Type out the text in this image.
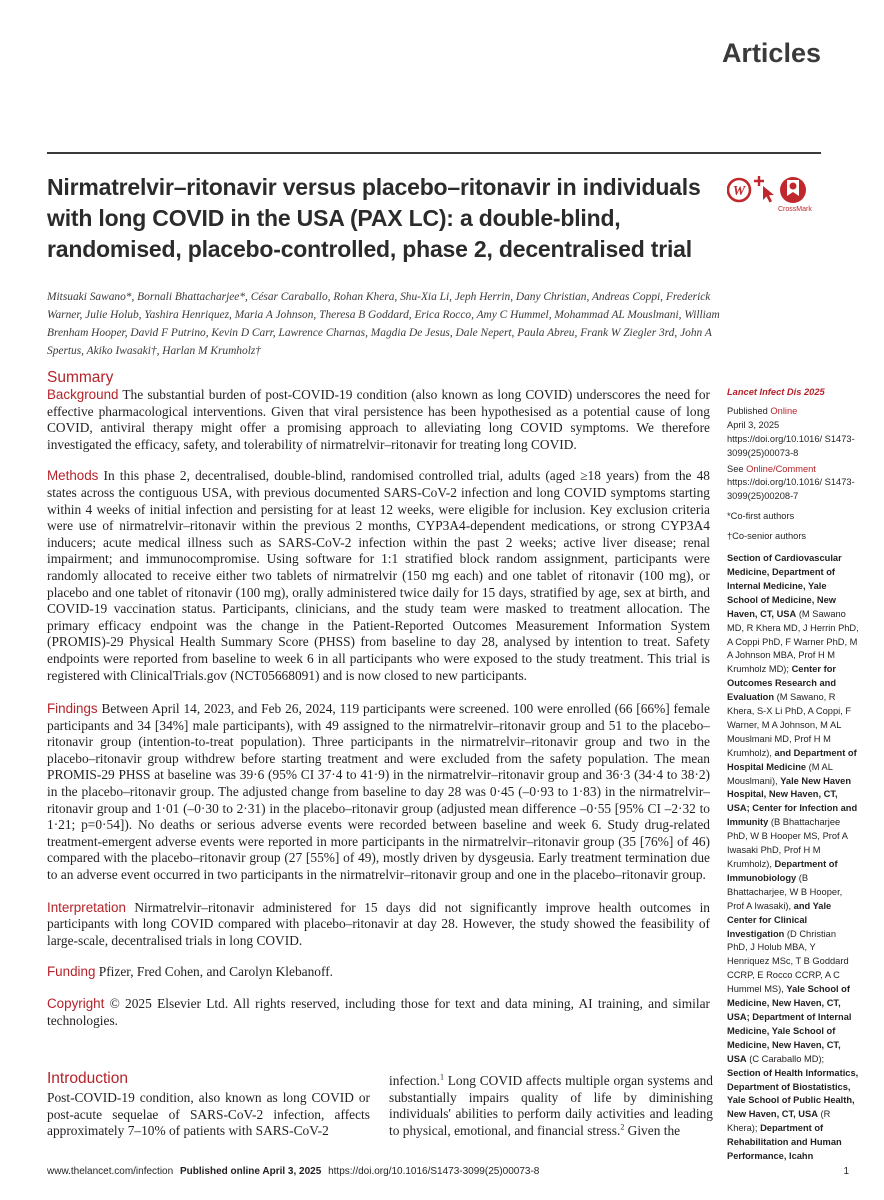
Articles
Nirmatrelvir–ritonavir versus placebo–ritonavir in individuals with long COVID in the USA (PAX LC): a double-blind, randomised, placebo-controlled, phase 2, decentralised trial
W
CrossMark
Mitsuaki Sawano*, Bornali Bhattacharjee*, César Caraballo, Rohan Khera, Shu-Xia Li, Jeph Herrin, Dany Christian, Andreas Coppi, Frederick Warner, Julie Holub, Yashira Henriquez, Maria A Johnson, Theresa B Goddard, Erica Rocco, Amy C Hummel, Mohammad AL Mouslmani, William Brenham Hooper, David F Putrino, Kevin D Carr, Lawrence Charnas, Magdia De Jesus, Dale Nepert, Paula Abreu, Frank W Ziegler 3rd, John A Spertus, Akiko Iwasaki†, Harlan M Krumholz†
Summary

Background The substantial burden of post-COVID-19 condition (also known as long COVID) underscores the need for effective pharmacological interventions. Given that viral persistence has been hypothesised as a potential cause of long COVID, antiviral therapy might offer a promising approach to alleviating long COVID symptoms. We therefore investigated the efficacy, safety, and tolerability of nirmatrelvir–ritonavir for treating long COVID.

Methods In this phase 2, decentralised, double-blind, randomised controlled trial, adults (aged ≥18 years) from the 48 states across the contiguous USA, with previous documented SARS-CoV-2 infection and long COVID symptoms starting within 4 weeks of initial infection and persisting for at least 12 weeks, were eligible for inclusion. Key exclusion criteria were use of nirmatrelvir–ritonavir within the previous 2 months, CYP3A4-dependent medications, or strong CYP3A4 inducers; acute medical illness such as SARS-CoV-2 infection within the past 2 weeks; active liver disease; renal impairment; and immunocompromise. Using software for 1:1 stratified block random assignment, participants were randomly allocated to receive either two tablets of nirmatrelvir (150 mg each) and one tablet of ritonavir (100 mg), or placebo and one tablet of ritonavir (100 mg), orally administered twice daily for 15 days, stratified by age, sex at birth, and COVID-19 vaccination status. Participants, clinicians, and the study team were masked to treatment allocation. The primary efficacy endpoint was the change in the Patient-Reported Outcomes Measurement Information System (PROMIS)-29 Physical Health Summary Score (PHSS) from baseline to day 28, analysed by intention to treat. Safety endpoints were reported from baseline to week 6 in all participants who were exposed to the study treatment. This trial is registered with ClinicalTrials.gov (NCT05668091) and is now closed to new participants.

Findings Between April 14, 2023, and Feb 26, 2024, 119 participants were screened. 100 were enrolled (66 [66%] female participants and 34 [34%] male participants), with 49 assigned to the nirmatrelvir–ritonavir group and 51 to the placebo–ritonavir group (intention-to-treat population). Three participants in the nirmatrelvir–ritonavir group and two in the placebo–ritonavir group withdrew before starting treatment and were excluded from the safety population. The mean PROMIS-29 PHSS at baseline was 39·6 (95% CI 37·4 to 41·9) in the nirmatrelvir–ritonavir group and 36·3 (34·4 to 38·2) in the placebo–ritonavir group. The adjusted change from baseline to day 28 was 0·45 (–0·93 to 1·83) in the nirmatrelvir–ritonavir group and 1·01 (–0·30 to 2·31) in the placebo–ritonavir group (adjusted mean difference –0·55 [95% CI –2·32 to 1·21; p=0·54]). No deaths or serious adverse events were recorded between baseline and week 6. Study drug-related treatment-emergent adverse events were reported in more participants in the nirmatrelvir–ritonavir group (35 [76%] of 46) compared with the placebo–ritonavir group (27 [55%] of 49), mostly driven by dysgeusia. Early treatment termination due to an adverse event occurred in two participants in the nirmatrelvir–ritonavir group and one in the placebo–ritonavir group.

Interpretation Nirmatrelvir–ritonavir administered for 15 days did not significantly improve health outcomes in participants with long COVID compared with placebo–ritonavir at day 28. However, the study showed the feasibility of large-scale, decentralised trials in long COVID.

Funding Pfizer, Fred Cohen, and Carolyn Klebanoff.

Copyright © 2025 Elsevier Ltd. All rights reserved, including those for text and data mining, AI training, and similar technologies.

Lancet Infect Dis 2025
Published Online
April 3, 2025
https://doi.org/10.1016/ S1473-3099(25)00073-8
See Online/Comment
https://doi.org/10.1016/ S1473-3099(25)00208-7
*Co-first authors
†Co-senior authors
Section of Cardiovascular Medicine, Department of Internal Medicine, Yale School of Medicine, New Haven, CT, USA (M Sawano MD, R Khera MD, J Herrin PhD, A Coppi PhD, F Warner PhD, M A Johnson MBA, Prof H M Krumholz MD); Center for Outcomes Research and Evaluation (M Sawano, R Khera, S-X Li PhD, A Coppi, F Warner, M A Johnson, M AL Mouslmani MD, Prof H M Krumholz), and Department of Hospital Medicine (M AL Mouslmani), Yale New Haven Hospital, New Haven, CT, USA; Center for Infection and Immunity (B Bhattacharjee PhD, W B Hooper MS, Prof A Iwasaki PhD, Prof H M Krumholz), Department of Immunobiology (B Bhattacharjee, W B Hooper, Prof A Iwasaki), and Yale Center for Clinical Investigation (D Christian PhD, J Holub MBA, Y Henriquez MSc, T B Goddard CCRP, E Rocco CCRP, A C Hummel MS), Yale School of Medicine, New Haven, CT, USA; Department of Internal Medicine, Yale School of Medicine, New Haven, CT, USA (C Caraballo MD); Section of Health Informatics, Department of Biostatistics, Yale School of Public Health, New Haven, CT, USA (R Khera); Department of Rehabilitation and Human Performance, Icahn
Introduction
Post-COVID-19 condition, also known as long COVID or post-acute sequelae of SARS-CoV-2 infection, affects approximately 7–10% of patients with SARS-CoV-2
infection.$^1$ Long COVID affects multiple organ systems and substantially impairs quality of life by diminishing individuals' abilities to perform daily activities and leading to physical, emotional, and financial stress.$^2$ Given the
www.thelancet.com/infection Published online April 3, 2025 https://doi.org/10.1016/S1473-3099(25)00073-8	1
